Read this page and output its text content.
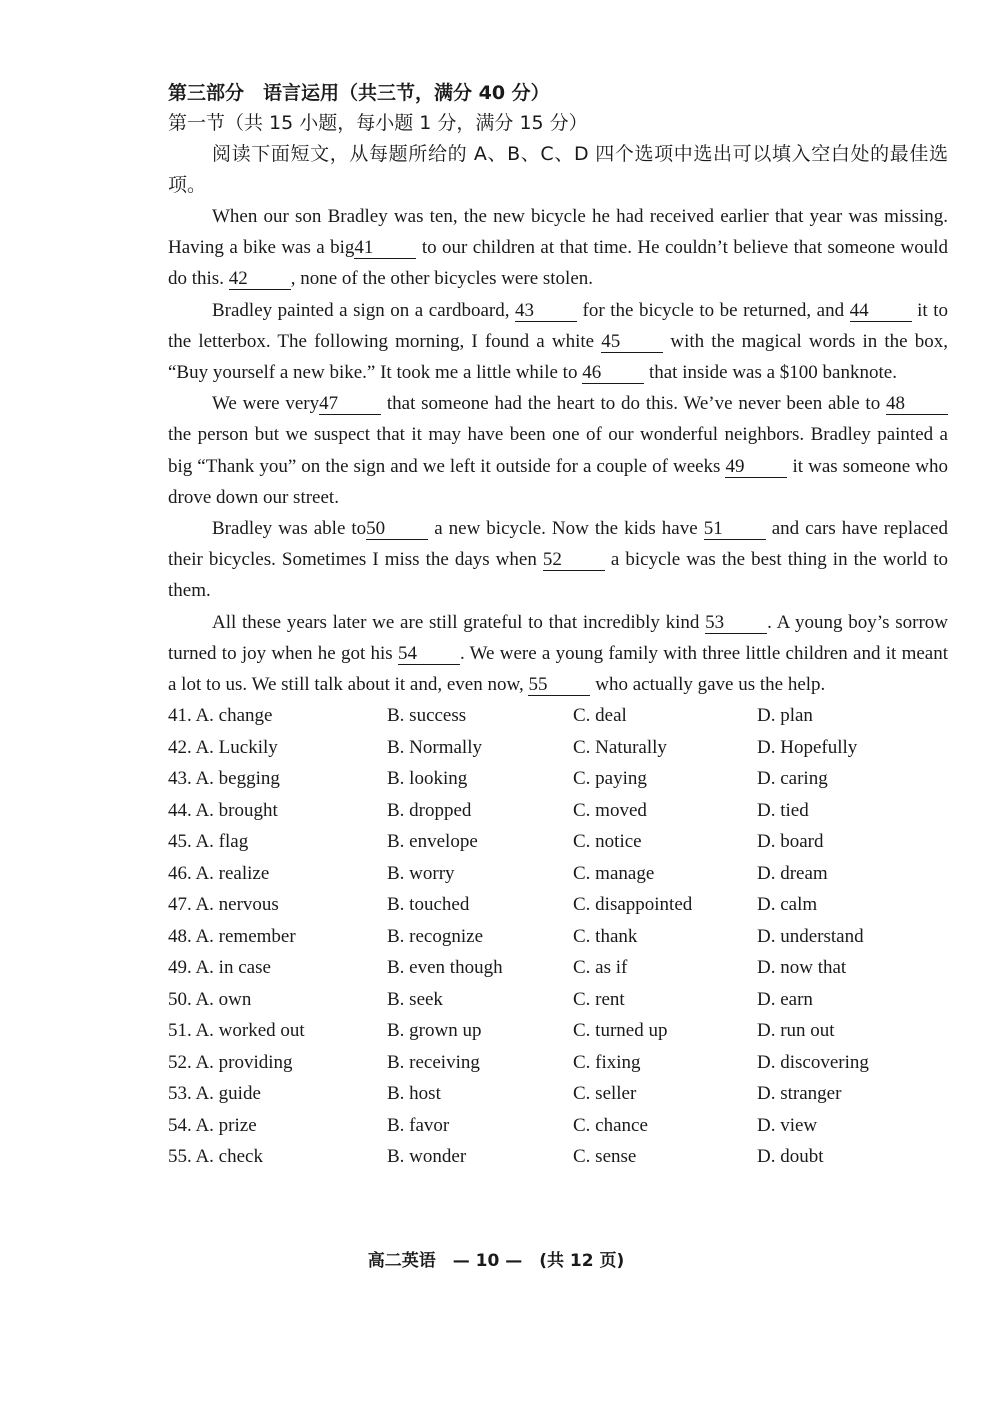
第三部分　语言运用（共三节，满分 40 分）

第一节（共 15 小题，每小题 1 分，满分 15 分）

阅读下面短文，从每题所给的 A、B、C、D 四个选项中选出可以填入空白处的最佳选项。

When our son Bradley was ten, the new bicycle he had received earlier that year was missing. Having a bike was a big41 to our children at that time. He couldn’t believe that someone would do this. 42 , none of the other bicycles were stolen.

Bradley painted a sign on a cardboard, 43 for the bicycle to be returned, and 44 it to the letterbox. The following morning, I found a white 45 with the magical words in the box, “Buy yourself a new bike.” It took me a little while to 46 that inside was a $100 banknote.

We were very47 that someone had the heart to do this. We’ve never been able to 48 the person but we suspect that it may have been one of our wonderful neighbors. Bradley painted a big “Thank you” on the sign and we left it outside for a couple of weeks 49 it was someone who drove down our street.

Bradley was able to50 a new bicycle. Now the kids have 51 and cars have replaced their bicycles. Sometimes I miss the days when 52 a bicycle was the best thing in the world to them.

All these years later we are still grateful to that incredibly kind 53 . A young boy’s sorrow turned to joy when he got his 54 . We were a young family with three little children and it meant a lot to us. We still talk about it and, even now, 55 who actually gave us the help.

41. A. change	B. success	C. deal	D. plan
42. A. Luckily	B. Normally	C. Naturally	D. Hopefully
43. A. begging	B. looking	C. paying	D. caring
44. A. brought	B. dropped	C. moved	D. tied
45. A. flag	B. envelope	C. notice	D. board
46. A. realize	B. worry	C. manage	D. dream
47. A. nervous	B. touched	C. disappointed	D. calm
48. A. remember	B. recognize	C. thank	D. understand
49. A. in case	B. even though	C. as if	D. now that
50. A. own	B. seek	C. rent	D. earn
51. A. worked out	B. grown up	C. turned up	D. run out
52. A. providing	B. receiving	C. fixing	D. discovering
53. A. guide	B. host	C. seller	D. stranger
54. A. prize	B. favor	C. chance	D. view
55. A. check	B. wonder	C. sense	D. doubt
高二英语　— 10 —　(共 12 页)
